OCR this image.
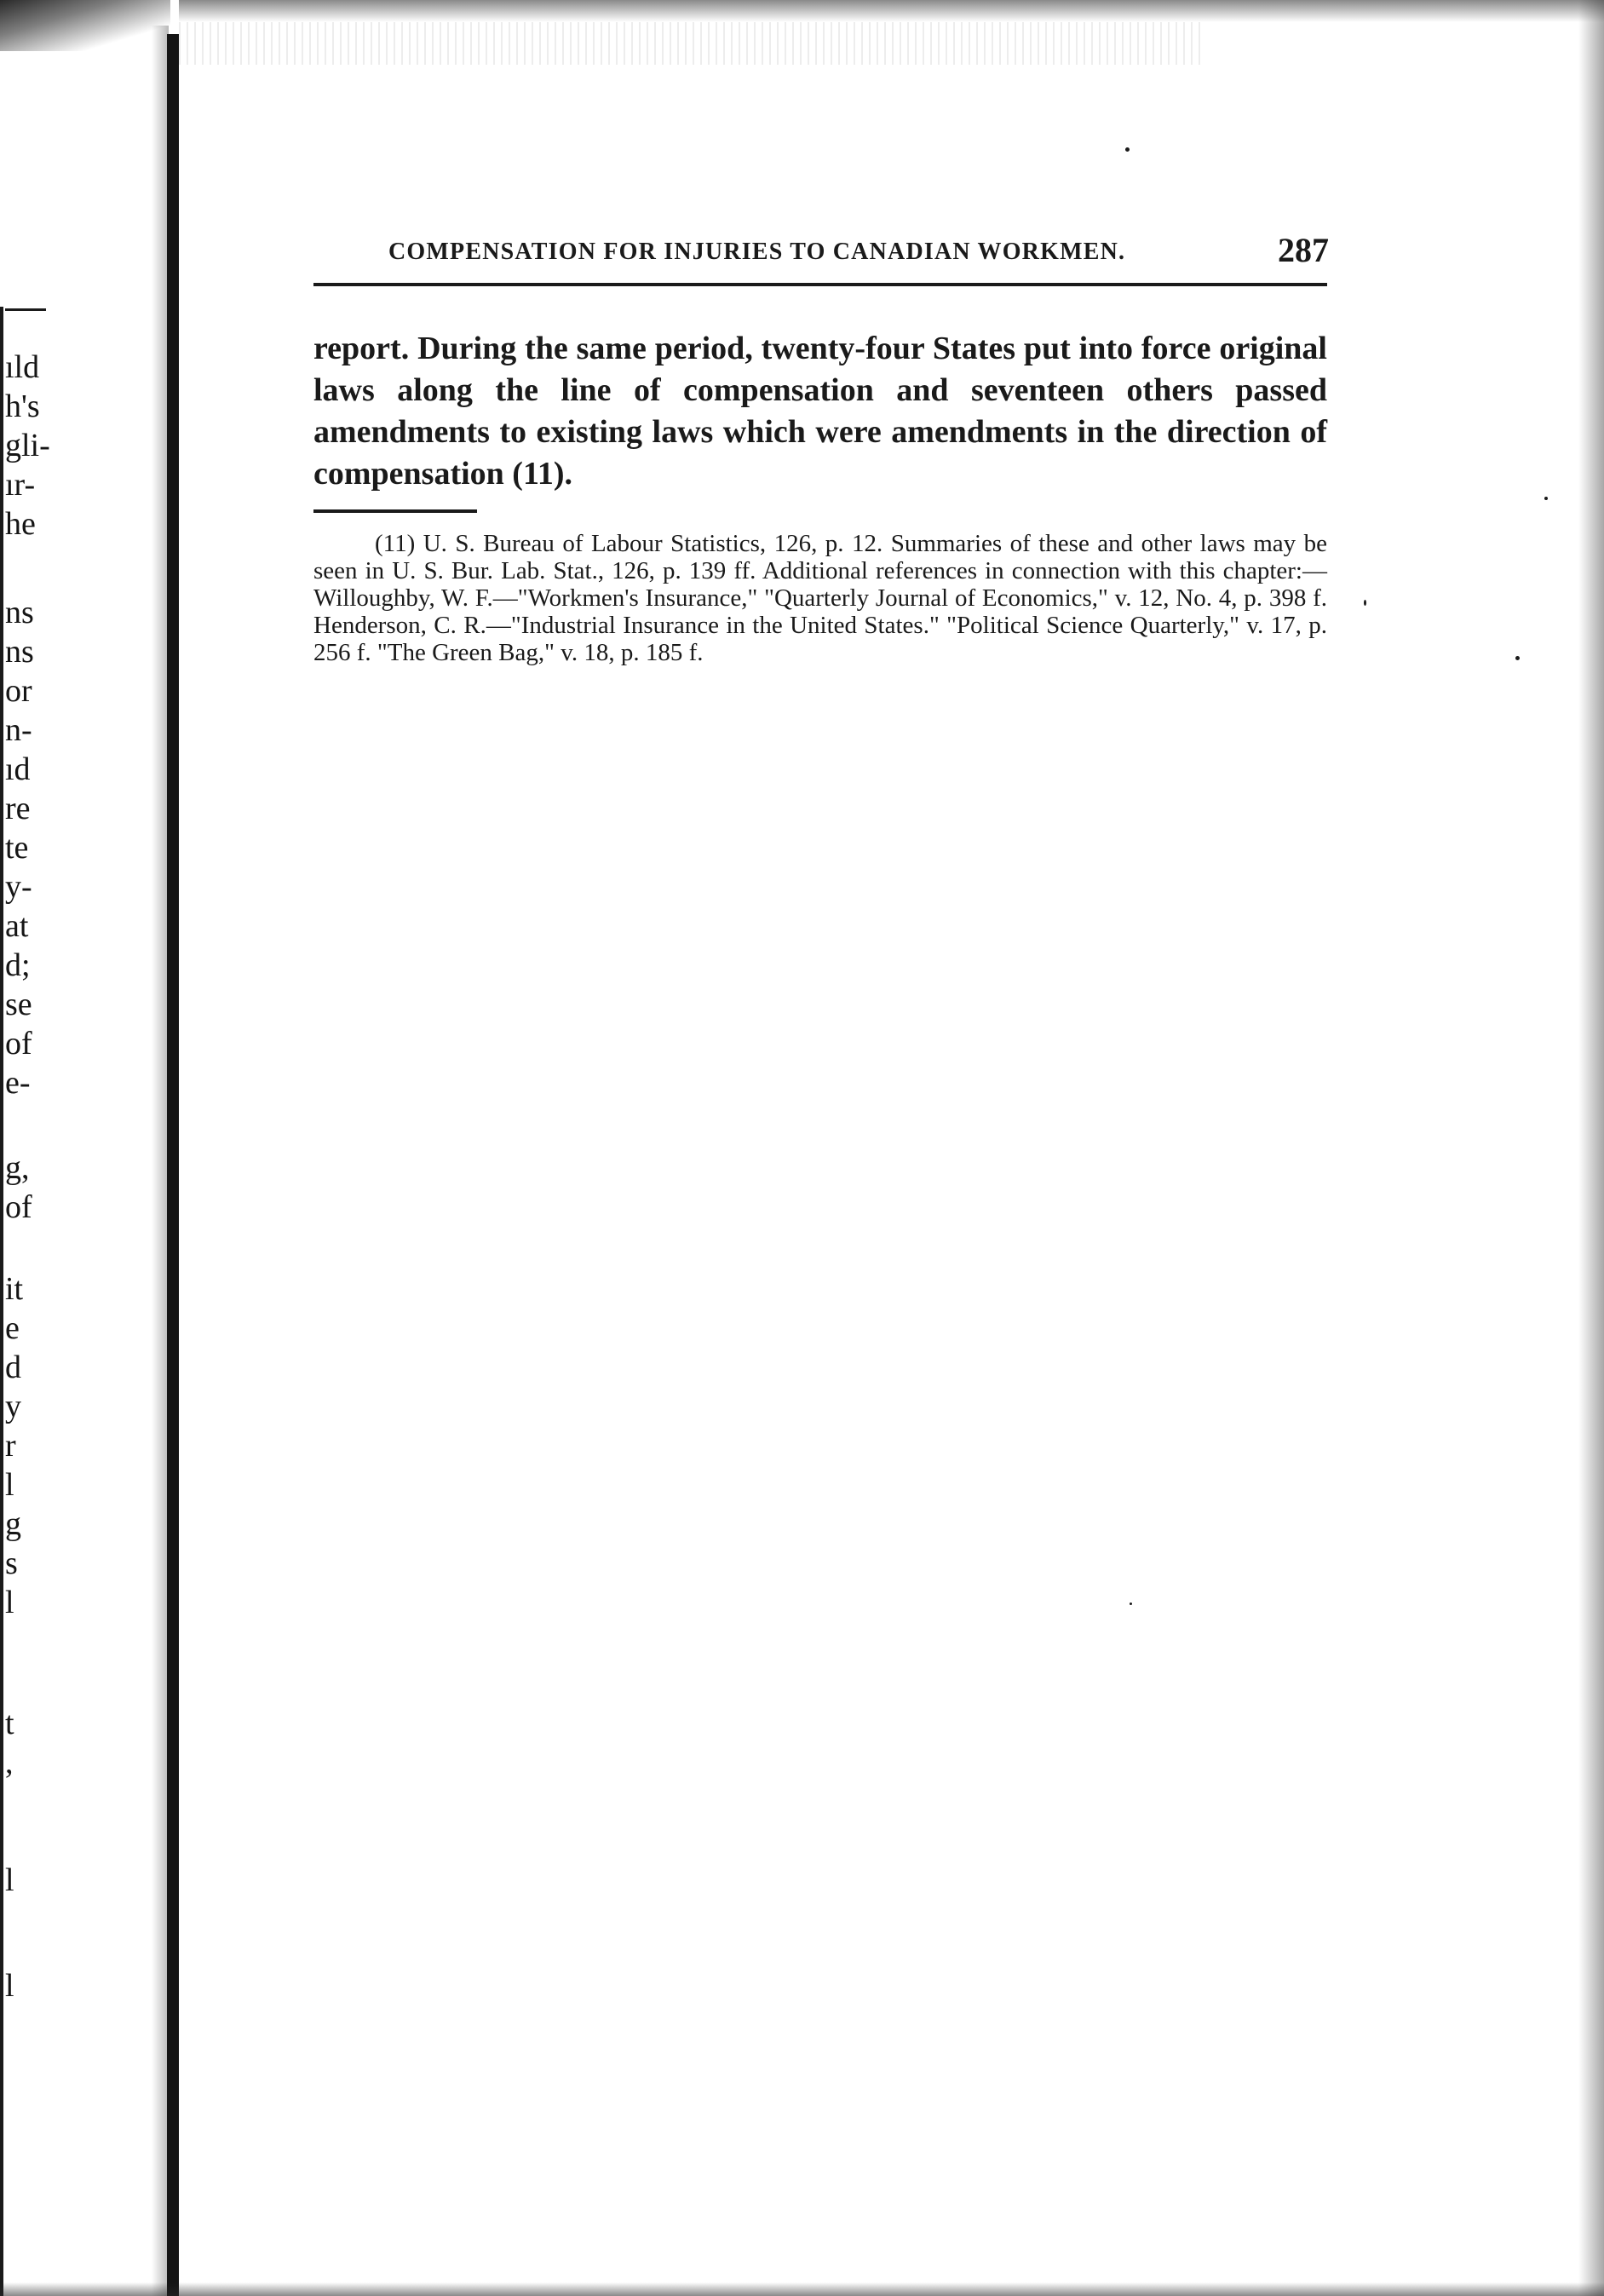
ıld
h's
gli-
ır-
he
ns
ns
or
n-
ıd
re
te
y-
at
d;
se
of
e-
g,
of
it
e
d
y
r
l
g
s
l
t
,
l
l
COMPENSATION FOR INJURIES TO CANADIAN WORKMEN.	287

report. During the same period, twenty-four States put into force original laws along the line of compensation and seventeen others passed amendments to existing laws which were amendments in the direction of compensation (11).

(11) U. S. Bureau of Labour Statistics, 126, p. 12. Summaries of these and other laws may be seen in U. S. Bur. Lab. Stat., 126, p. 139 ff. Additional references in connection with this chapter:—Willoughby, W. F.—"Workmen's Insurance," "Quarterly Journal of Economics," v. 12, No. 4, p. 398 f. Henderson, C. R.—"Industrial Insurance in the United States." "Political Science Quarterly," v. 17, p. 256 f. "The Green Bag," v. 18, p. 185 f.
